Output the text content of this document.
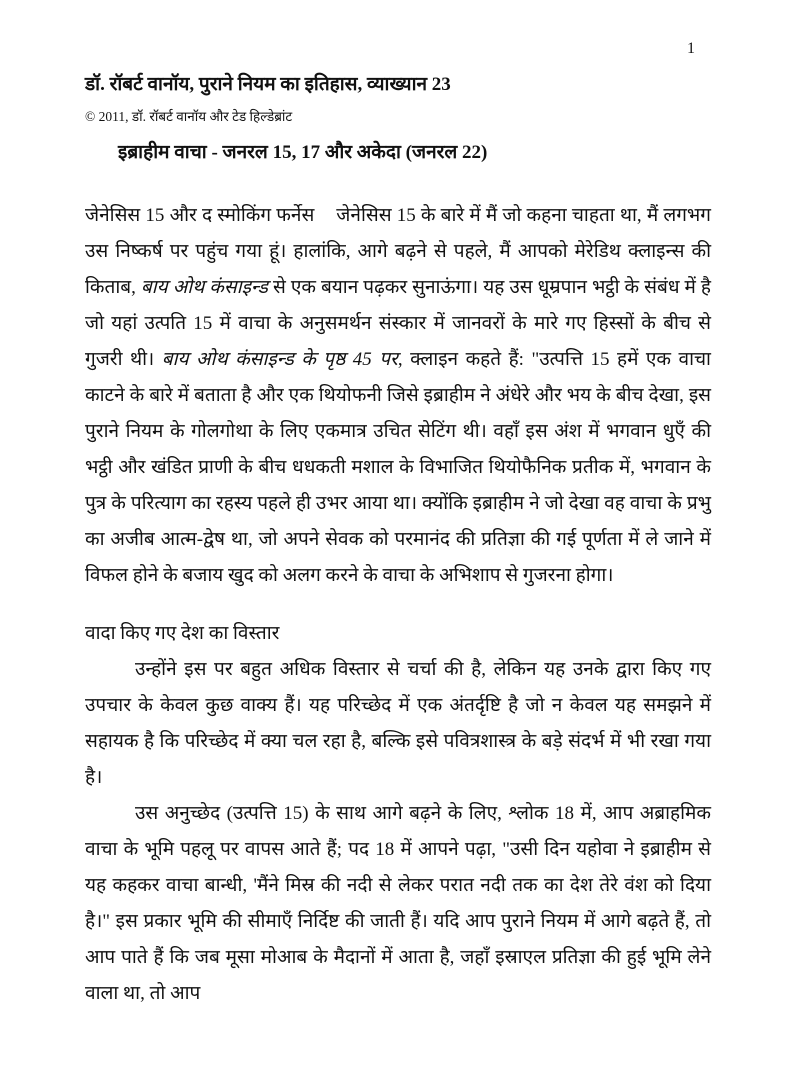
1
डॉ. रॉबर्ट वानॉय, पुराने नियम का इतिहास, व्याख्यान 23
© 2011, डॉ. रॉबर्ट वानॉय और टेड हिल्डेब्रांट
इब्राहीम वाचा - जनरल 15, 17 और अकेदा (जनरल 22)

जेनेसिस 15 और द स्मोकिंग फर्नेस जेनेसिस 15 के बारे में मैं जो कहना चाहता था, मैं लगभग उस निष्कर्ष पर पहुंच गया हूं। हालांकि, आगे बढ़ने से पहले, मैं आपको मेरेडिथ क्लाइन्स की किताब, बाय ओथ कंसाइन्ड से एक बयान पढ़कर सुनाऊंगा। यह उस धूम्रपान भट्ठी के संबंध में है जो यहां उत्पति 15 में वाचा के अनुसमर्थन संस्कार में जानवरों के मारे गए हिस्सों के बीच से गुजरी थी। बाय ओथ कंसाइन्ड के पृष्ठ 45 पर, क्लाइन कहते हैं: "उत्पत्ति 15 हमें एक वाचा काटने के बारे में बताता है और एक थियोफनी जिसे इब्राहीम ने अंधेरे और भय के बीच देखा, इस पुराने नियम के गोलगोथा के लिए एकमात्र उचित सेटिंग थी। वहाँ इस अंश में भगवान धुएँ की भट्ठी और खंडित प्राणी के बीच धधकती मशाल के विभाजित थियोफैनिक प्रतीक में, भगवान के पुत्र के परित्याग का रहस्य पहले ही उभर आया था। क्योंकि इब्राहीम ने जो देखा वह वाचा के प्रभु का अजीब आत्म-द्वेष था, जो अपने सेवक को परमानंद की प्रतिज्ञा की गई पूर्णता में ले जाने में विफल होने के बजाय खुद को अलग करने के वाचा के अभिशाप से गुजरना होगा।

वादा किए गए देश का विस्तार

उन्होंने इस पर बहुत अधिक विस्तार से चर्चा की है, लेकिन यह उनके द्वारा किए गए उपचार के केवल कुछ वाक्य हैं। यह परिच्छेद में एक अंतर्दृष्टि है जो न केवल यह समझने में सहायक है कि परिच्छेद में क्या चल रहा है, बल्कि इसे पवित्रशास्त्र के बड़े संदर्भ में भी रखा गया है।

उस अनुच्छेद (उत्पत्ति 15) के साथ आगे बढ़ने के लिए, श्लोक 18 में, आप अब्राहमिक वाचा के भूमि पहलू पर वापस आते हैं; पद 18 में आपने पढ़ा, "उसी दिन यहोवा ने इब्राहीम से यह कहकर वाचा बान्धी, 'मैंने मिस्र की नदी से लेकर परात नदी तक का देश तेरे वंश को दिया है।" इस प्रकार भूमि की सीमाएँ निर्दिष्ट की जाती हैं। यदि आप पुराने नियम में आगे बढ़ते हैं, तो आप पाते हैं कि जब मूसा मोआब के मैदानों में आता है, जहाँ इस्राएल प्रतिज्ञा की हुई भूमि लेने वाला था, तो आप
